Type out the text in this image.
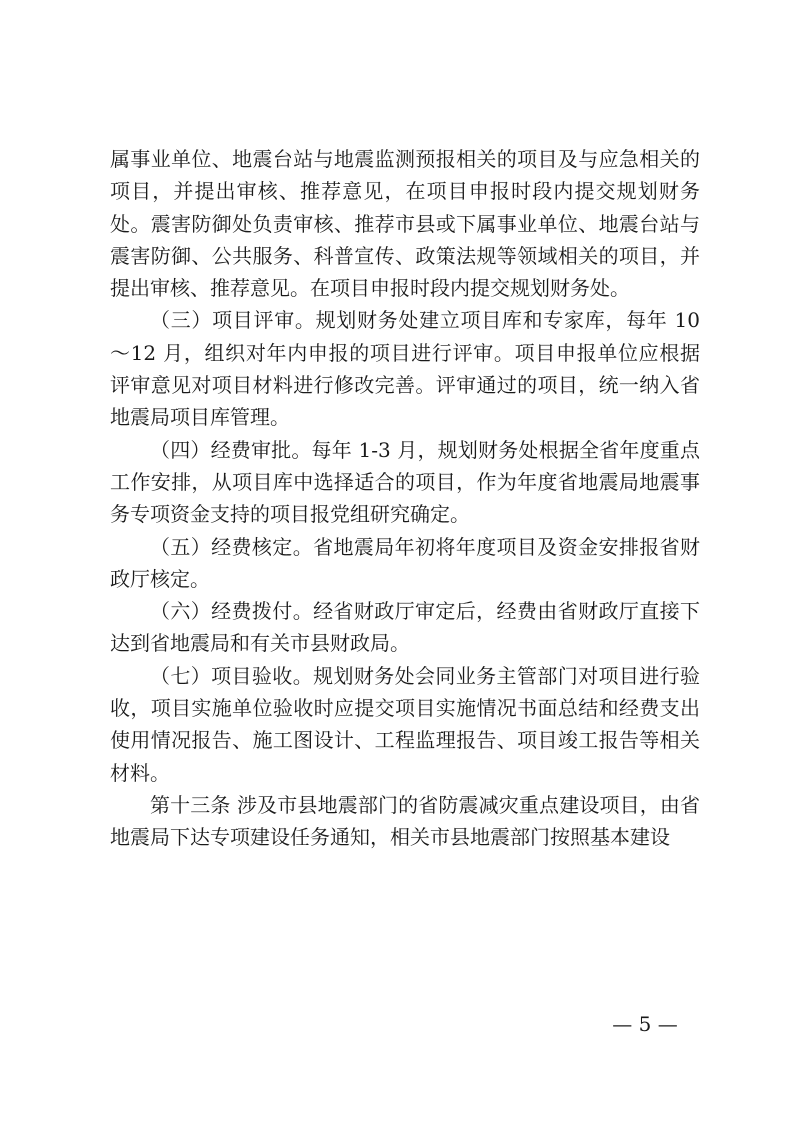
属事业单位、地震台站与地震监测预报相关的项目及与应急相关的项目，并提出审核、推荐意见，在项目申报时段内提交规划财务处。震害防御处负责审核、推荐市县或下属事业单位、地震台站与震害防御、公共服务、科普宣传、政策法规等领域相关的项目，并提出审核、推荐意见。在项目申报时段内提交规划财务处。

（三）项目评审。规划财务处建立项目库和专家库，每年 10～12 月，组织对年内申报的项目进行评审。项目申报单位应根据评审意见对项目材料进行修改完善。评审通过的项目，统一纳入省地震局项目库管理。

（四）经费审批。每年 1-3 月，规划财务处根据全省年度重点工作安排，从项目库中选择适合的项目，作为年度省地震局地震事务专项资金支持的项目报党组研究确定。

（五）经费核定。省地震局年初将年度项目及资金安排报省财政厅核定。

（六）经费拨付。经省财政厅审定后，经费由省财政厅直接下达到省地震局和有关市县财政局。

（七）项目验收。规划财务处会同业务主管部门对项目进行验收，项目实施单位验收时应提交项目实施情况书面总结和经费支出使用情况报告、施工图设计、工程监理报告、项目竣工报告等相关材料。

第十三条 涉及市县地震部门的省防震减灾重点建设项目，由省地震局下达专项建设任务通知，相关市县地震部门按照基本建设

— 5 —
